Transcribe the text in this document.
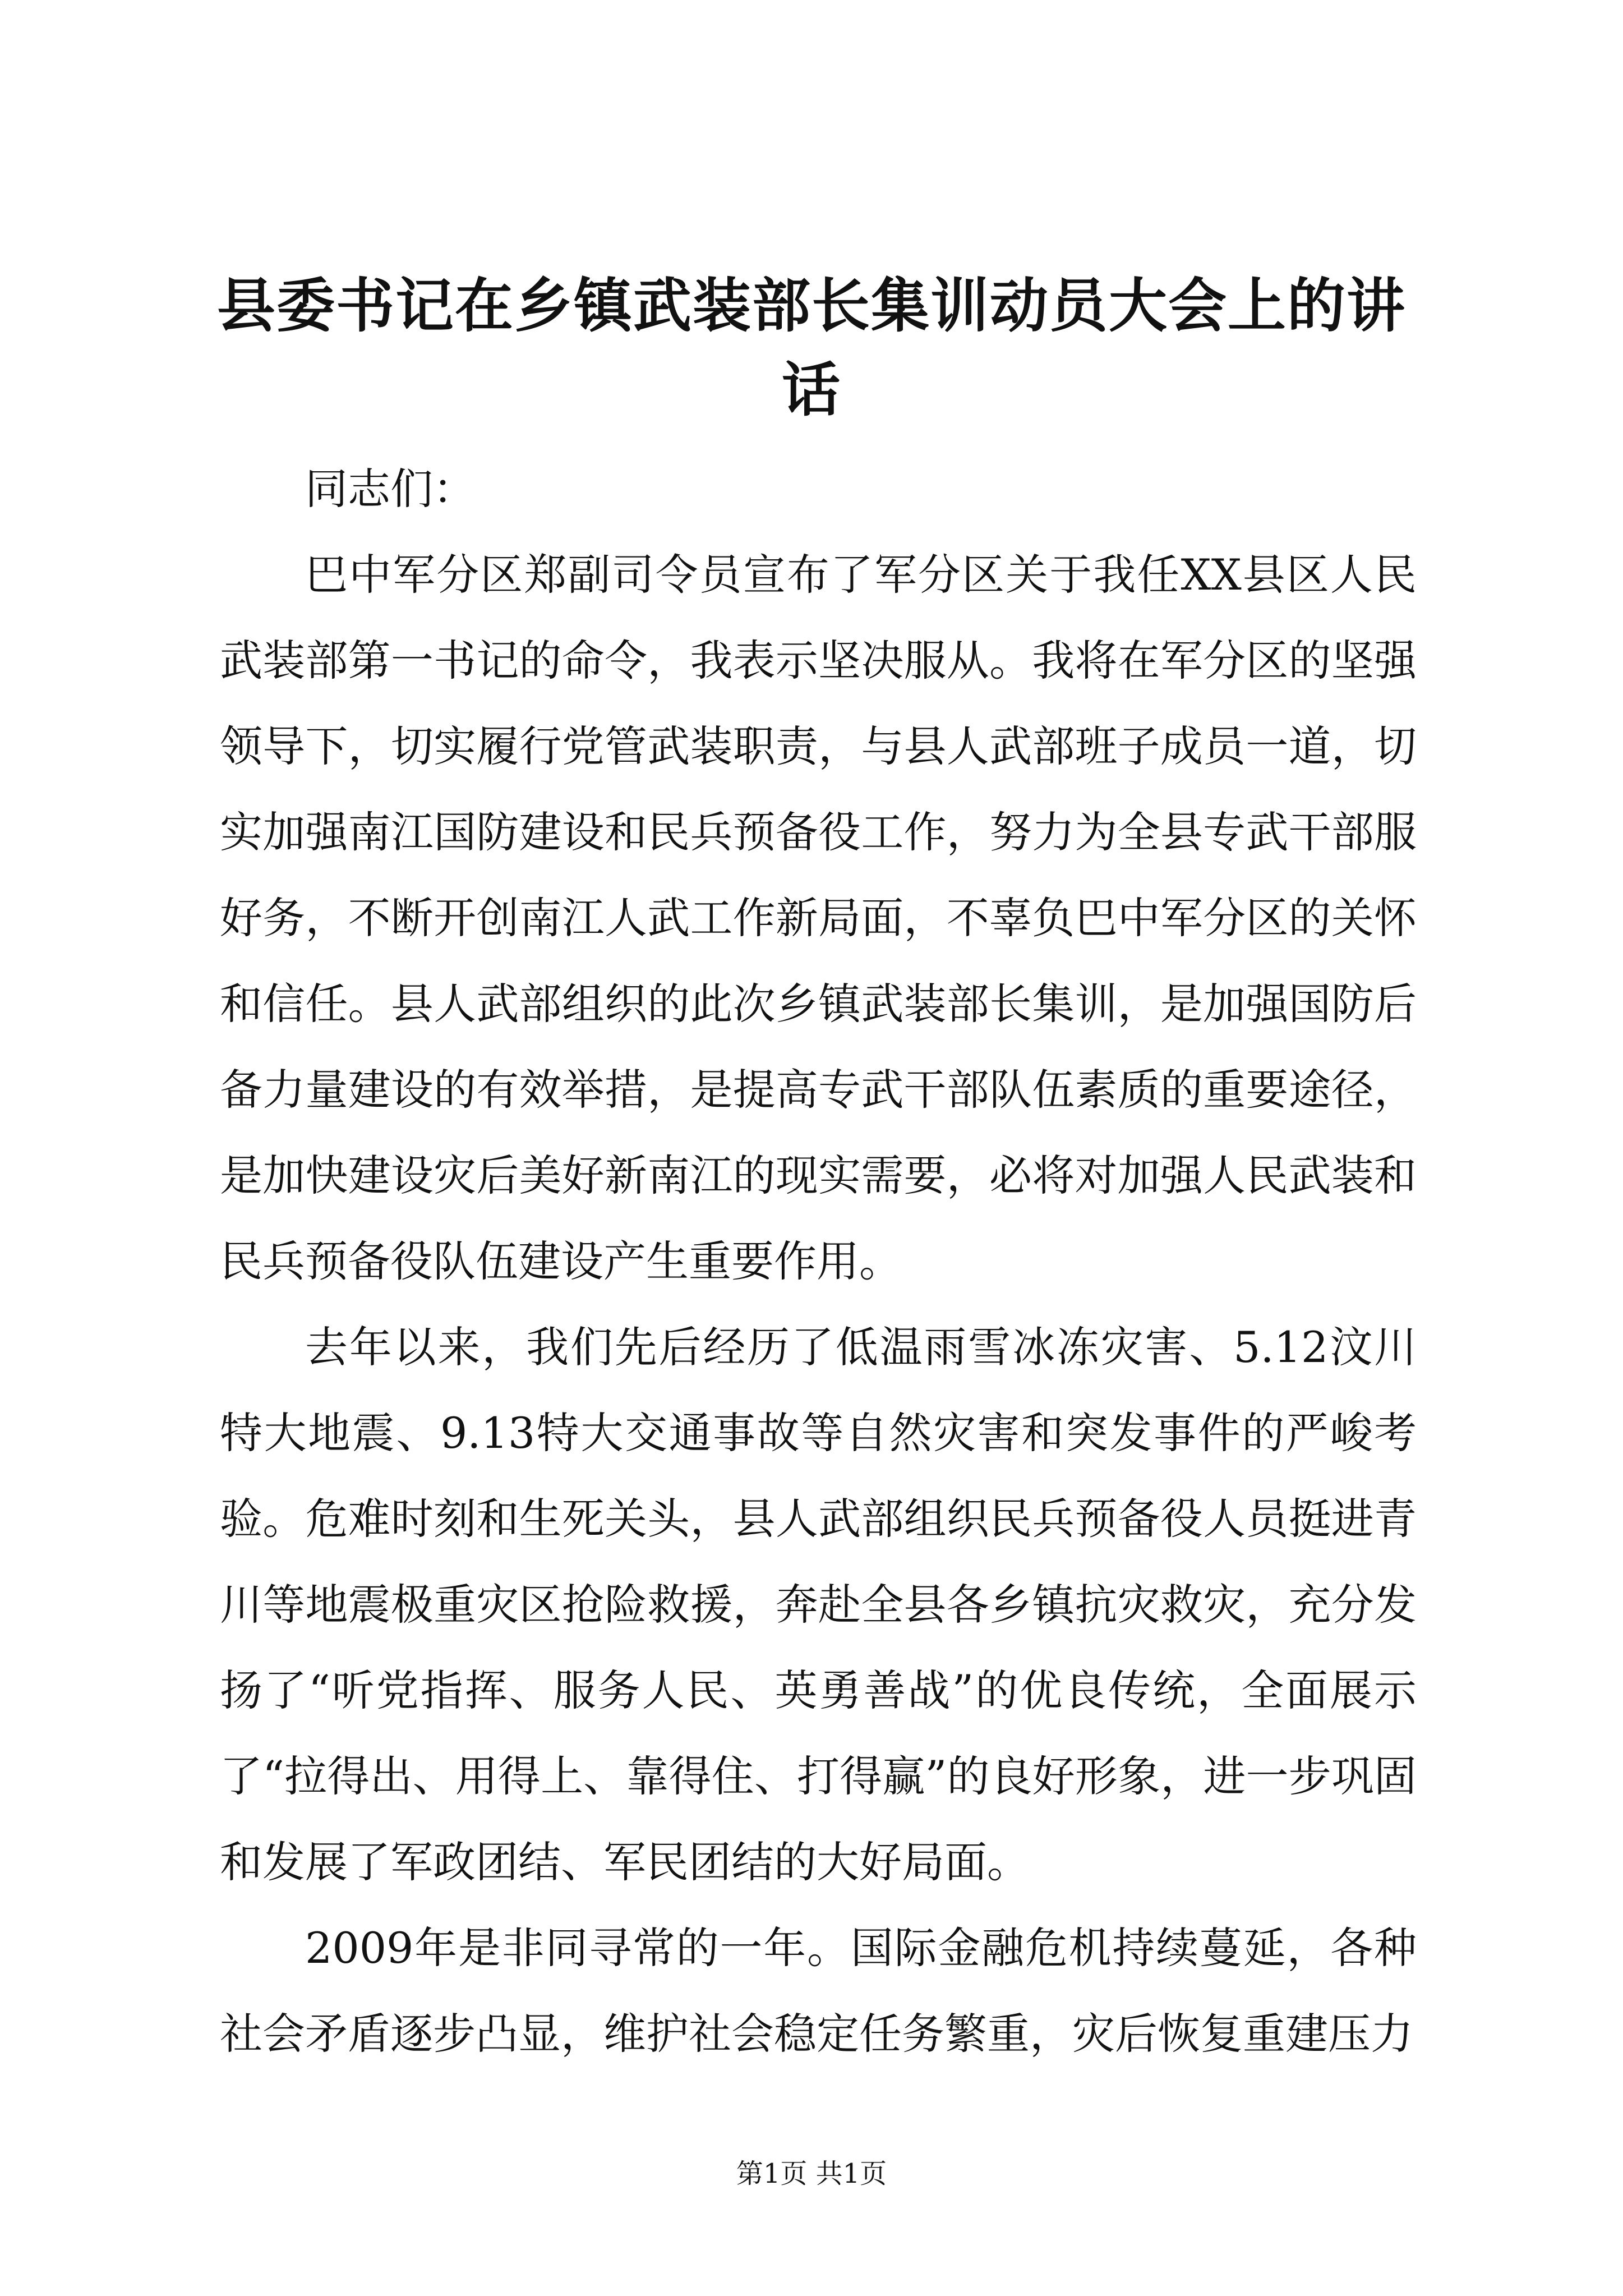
县委书记在乡镇武装部长集训动员大会上的讲话

同志们：

巴中军分区郑副司令员宣布了军分区关于我任XX县区人民武装部第一书记的命令，我表示坚决服从。我将在军分区的坚强领导下，切实履行党管武装职责，与县人武部班子成员一道，切实加强南江国防建设和民兵预备役工作，努力为全县专武干部服好务，不断开创南江人武工作新局面，不辜负巴中军分区的关怀和信任。县人武部组织的此次乡镇武装部长集训，是加强国防后备力量建设的有效举措，是提高专武干部队伍素质的重要途径，是加快建设灾后美好新南江的现实需要，必将对加强人民武装和民兵预备役队伍建设产生重要作用。

去年以来，我们先后经历了低温雨雪冰冻灾害、5.12汶川特大地震、9.13特大交通事故等自然灾害和突发事件的严峻考验。危难时刻和生死关头，县人武部组织民兵预备役人员挺进青川等地震极重灾区抢险救援，奔赴全县各乡镇抗灾救灾，充分发扬了“听党指挥、服务人民、英勇善战”的优良传统，全面展示了“拉得出、用得上、靠得住、打得赢”的良好形象，进一步巩固和发展了军政团结、军民团结的大好局面。

2009年是非同寻常的一年。国际金融危机持续蔓延，各种社会矛盾逐步凸显，维护社会稳定任务繁重，灾后恢复重建压力

第1页 共1页
